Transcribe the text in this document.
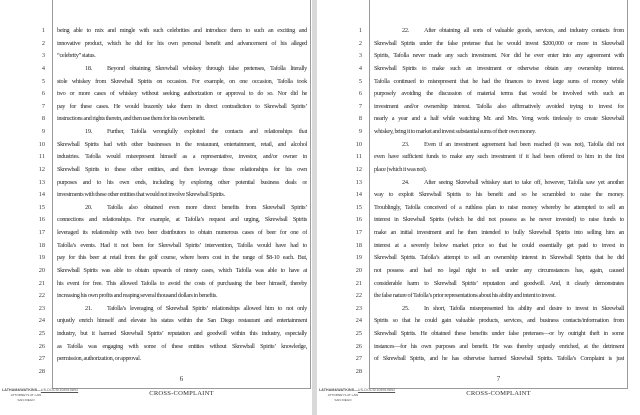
1 being able to mix and mingle with such celebrities and introduce them to such an exciting and
2 innovative product, which he did for his own personal benefit and advancement of his alleged
3 “celebrity” status.
4	18. Beyond obtaining Skrewball whiskey through false pretenses, Tafolla literally
5 stole whiskey from Skrewball Spirits on occasion. For example, on one occasion, Tafolla took
6 two or more cases of whiskey without seeking authorization or approval to do so. Nor did he
7 pay for these cases. He would brazenly take them in direct contradiction to Skrewball Spirits’
8 instructions and rights therein, and then use them for his own benefit.
9	19. Further, Tafolla wrongfully exploited the contacts and relationships that
10 Skrewball Spirits had with other businesses in the restaurant, entertainment, retail, and alcohol
11 industries. Tafolla would misrepresent himself as a representative, investor, and/or owner in
12 Skrewball Spirits to these other entities, and then leverage those relationships for his own
13 purposes and to his own ends, including by exploring other potential business deals or
14 investments with these other entities that would not involve Skrewball Spirits.
15	20. Tafolla also obtained even more direct benefits from Skrewball Spirits’
16 connections and relationships. For example, at Tafolla’s request and urging, Skrewball Spirits
17 leveraged its relationship with two beer distributors to obtain numerous cases of beer for one of
18 Tafolla’s events. Had it not been for Skrewball Spirits’ intervention, Tafolla would have had to
19 pay for this beer at retail from the golf course, where beers cost in the range of $8-10 each. But,
20 Skrewball Spirits was able to obtain upwards of ninety cases, which Tafolla was able to have at
21 his event for free. This allowed Tafolla to avoid the costs of purchasing the beer himself, thereby
22 increasing his own profits and reaping several thousand dollars in benefits.
23	21. Tafolla’s leveraging of Skrewball Spirits’ relationships allowed him to not only
24 unjustly enrich himself and elevate his status within the San Diego restaurant and entertainment
25 industry, but it harmed Skrewball Spirits’ reputation and goodwill within this industry, especially
26 as Tafolla was engaging with some of these entities without Skrewball Spirits’ knowledge,
27 permission, authorization, or approval.
28
6
CROSS-COMPLAINT
LATHAM&WATKINS—US-DOCS\108919892
ATTORNEYS AT LAW
SAN DIEGO
1	22. After obtaining all sorts of valuable goods, services, and industry contacts from
2 Skrewball Spirits under the false pretense that he would invest $200,000 or more in Skrewball
3 Spirits, Tafolla never made any such investment. Nor did he ever enter into any agreement with
4 Skrewball Spirits to make such an investment or otherwise obtain any ownership interest.
5 Tafolla continued to misrepresent that he had the finances to invest large sums of money while
6 purposely avoiding the discussion of material terms that would be involved with such an
7 investment and/or ownership interest. Tafolla also affirmatively avoided trying to invest for
8 nearly a year and a half while watching Mr. and Mrs. Yeng work tirelessly to create Skrewball
9 whiskey, bring it to market and invest substantial sums of their own money.
10	23. Even if an investment agreement had been reached (it was not), Tafolla did not
11 even have sufficient funds to make any such investment if it had been offered to him in the first
12 place (which it was not).
13	24. After seeing Skrewball whiskey start to take off, however, Tafolla saw yet another
14 way to exploit Skrewball Spirits to his benefit and so he scrambled to raise the money.
15 Troublingly, Tafolla conceived of a ruthless plan to raise money whereby he attempted to sell an
16 interest in Skrewball Spirits (which he did not possess as he never invested) to raise funds to
17 make an initial investment and he then intended to bully Skrewball Spirits into selling him an
18 interest at a severely below market price so that he could essentially get paid to invest in
19 Skrewball Spirits. Tafolla’s attempt to sell an ownership interest in Skrewball Spirits that he did
20 not possess and had no legal right to sell under any circumstances has, again, caused
21 considerable harm to Skrewball Spirits’ reputation and goodwill. And, it clearly demonstrates
22 the false nature of Tafolla’s prior representations about his ability and intent to invest.
23	25. In short, Tafolla misrepresented his ability and desire to invest in Skrewball
24 Spirits so that he could gain valuable products, services, and business contacts/information from
25 Skrewball Spirits. He obtained these benefits under false pretenses—or by outright theft in some
26 instances—for his own purposes and benefit. He was thereby unjustly enriched, at the detriment
27 of Skrewball Spirits, and he has otherwise harmed Skrewball Spirits. Tafolla’s Complaint is just
28
7
CROSS-COMPLAINT
LATHAM&WATKINS—US-DOCS\108919892
ATTORNEYS AT LAW
SAN DIEGO
